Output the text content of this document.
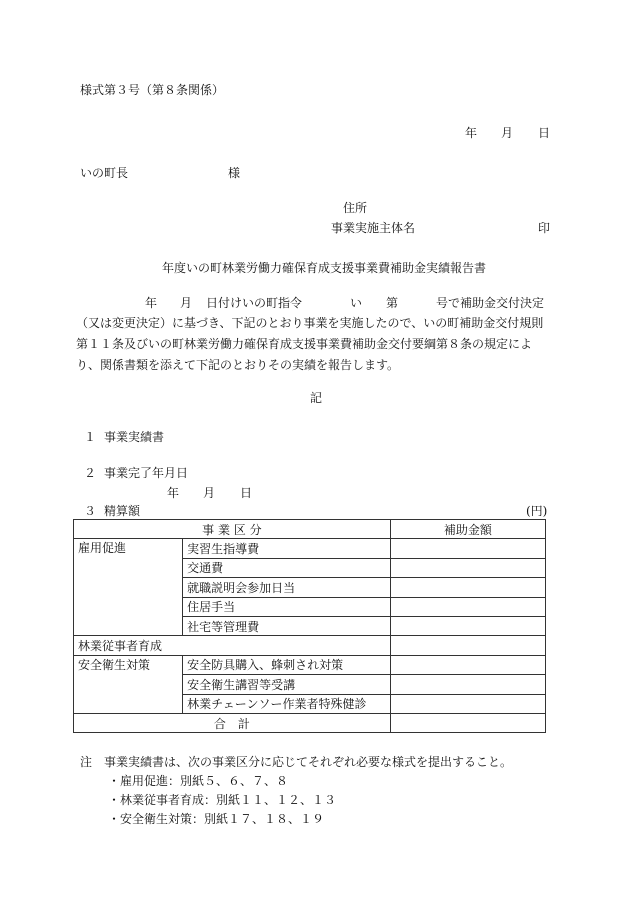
様式第３号（第８条関係）
年 月 日
いの町長	様
住所
事業実施主体名	印
年度いの町林業労働力確保育成支援事業費補助金実績報告書
年 月 日付けいの町指令	い 第	号で補助金交付決定
（又は変更決定）に基づき、下記のとおり事業を実施したので、いの町補助金交付規則第１１条及びいの町林業労働力確保育成支援事業費補助金交付要綱第８条の規定により、関係書類を添えて下記のとおりその実績を報告します。
記
１ 事業実績書
２ 事業完了年月日
年 月 日
３ 精算額	(円)
事 業 区 分		補助金額
雇用促進	実習生指導費	
	交通費	
	就職説明会参加日当	
	住居手当	
	社宅等管理費	
林業従事者育成		
安全衛生対策	安全防具購入、蜂刺され対策	
	安全衛生講習等受講	
	林業チェーンソー作業者特殊健診	
合　計		
注　事業実績書は、次の事業区分に応じてそれぞれ必要な様式を提出すること。
・雇用促進：別紙５、６、７、８
・林業従事者育成：別紙１１、１２、１３
・安全衛生対策：別紙１７、１８、１９
